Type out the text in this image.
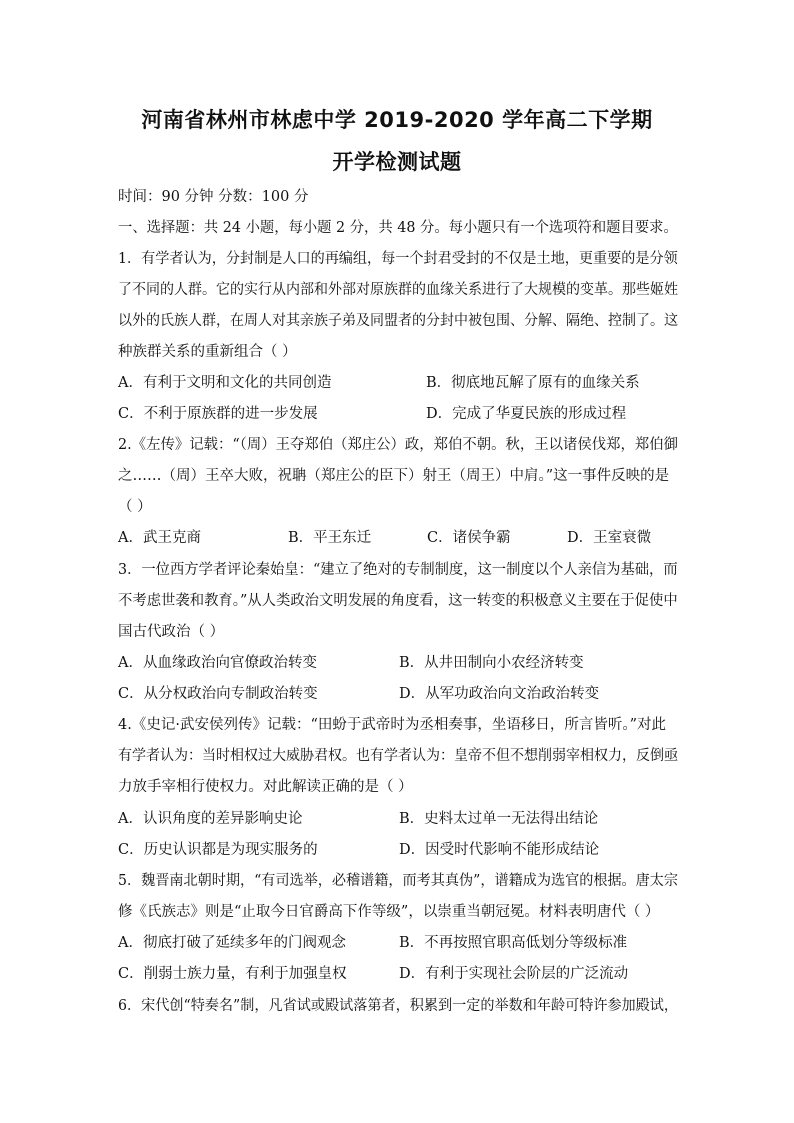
河南省林州市林虑中学 2019-2020 学年高二下学期
开学检测试题
时间：90 分钟 分数：100 分
一、选择题：共 24 小题，每小题 2 分，共 48 分。每小题只有一个选项符和题目要求。
1．有学者认为，分封制是人口的再编组，每一个封君受封的不仅是土地，更重要的是分领
了不同的人群。它的实行从内部和外部对原族群的血缘关系进行了大规模的变革。那些姬姓
以外的氏族人群，在周人对其亲族子弟及同盟者的分封中被包围、分解、隔绝、控制了。这
种族群关系的重新组合（ ）
A．有利于文明和文化的共同创造	B．彻底地瓦解了原有的血缘关系
C．不利于原族群的进一步发展	D．完成了华夏民族的形成过程
2.《左传》记载：“（周）王夺郑伯（郑庄公）政，郑伯不朝。秋，王以诸侯伐郑，郑伯御
之……（周）王卒大败，祝聃（郑庄公的臣下）射王（周王）中肩。”这一事件反映的是
（ ）
A．武王克商	B．平王东迁	C．诸侯争霸	D．王室衰微
3．一位西方学者评论秦始皇：“建立了绝对的专制制度，这一制度以个人亲信为基础，而
不考虑世袭和教育。”从人类政治文明发展的角度看，这一转变的积极意义主要在于促使中
国古代政治（ ）
A．从血缘政治向官僚政治转变	B．从井田制向小农经济转变
C．从分权政治向专制政治转变	D．从军功政治向文治政治转变
4.《史记·武安侯列传》记载：“田蚡于武帝时为丞相奏事，坐语移日，所言皆听。”对此
有学者认为：当时相权过大威胁君权。也有学者认为：皇帝不但不想削弱宰相权力，反倒亟
力放手宰相行使权力。对此解读正确的是（ ）
A．认识角度的差异影响史论	B．史料太过单一无法得出结论
C．历史认识都是为现实服务的	D．因受时代影响不能形成结论
5．魏晋南北朝时期，“有司选举，必稽谱籍，而考其真伪”，谱籍成为选官的根据。唐太宗
修《氏族志》则是“止取今日官爵高下作等级”，以崇重当朝冠冕。材料表明唐代（ ）
A．彻底打破了延续多年的门阀观念	B．不再按照官职高低划分等级标准
C．削弱士族力量，有利于加强皇权	D．有利于实现社会阶层的广泛流动
6．宋代创“特奏名”制，凡省试或殿试落第者，积累到一定的举数和年龄可特许参加殿试，
